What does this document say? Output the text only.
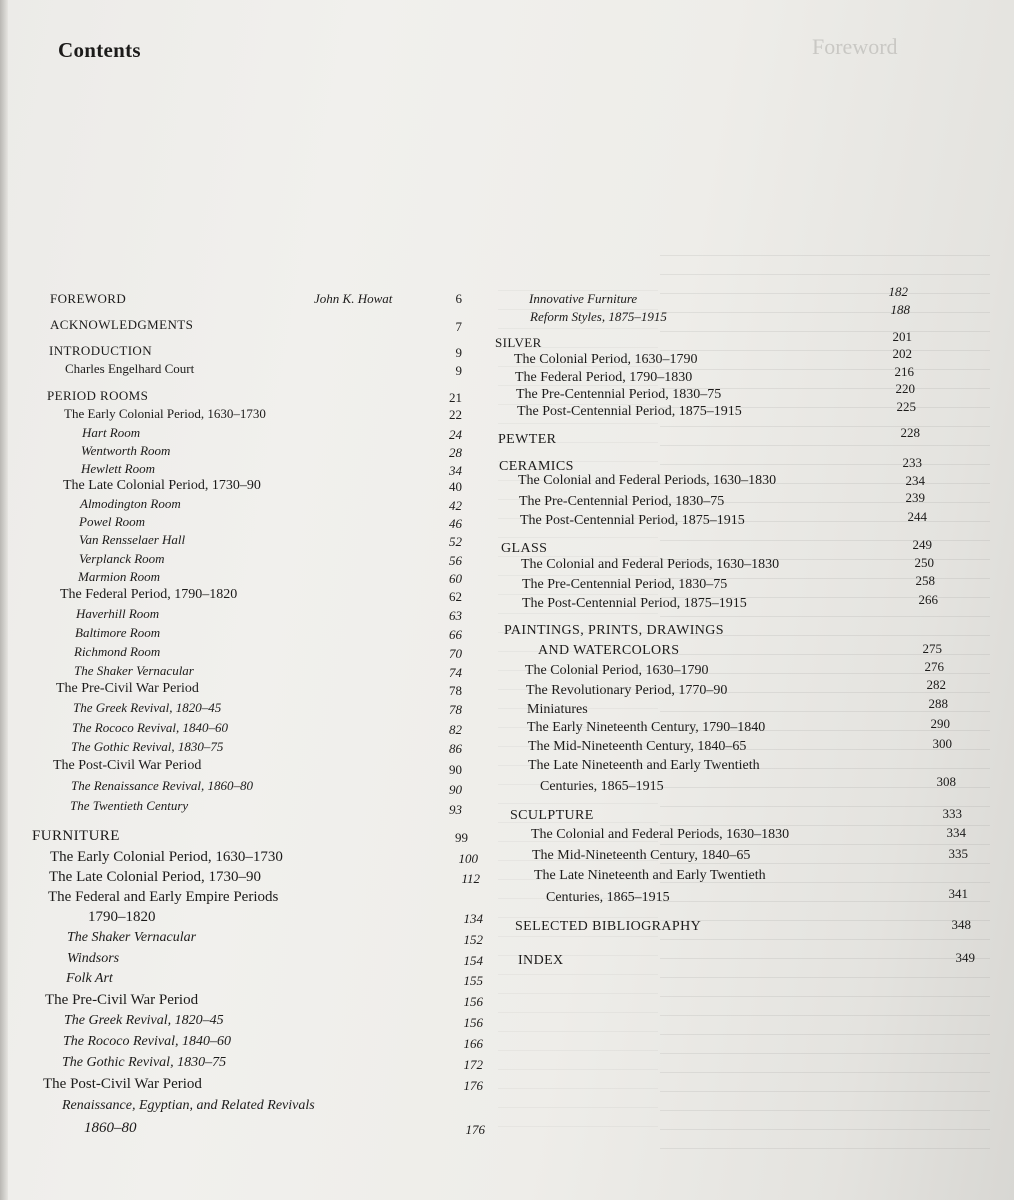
Foreword
Contents
FOREWORD	John K. Howat	6
ACKNOWLEDGMENTS	7
INTRODUCTION	9
Charles Engelhard Court	9
PERIOD ROOMS	21
The Early Colonial Period, 1630–1730	22
Hart Room	24
Wentworth Room	28
Hewlett Room	34
The Late Colonial Period, 1730–90	40
Almodington Room	42
Powel Room	46
Van Rensselaer Hall	52
Verplanck Room	56
Marmion Room	60
The Federal Period, 1790–1820	62
Haverhill Room	63
Baltimore Room	66
Richmond Room	70
The Shaker Vernacular	74
The Pre-Civil War Period	78
The Greek Revival, 1820–45	78
The Rococo Revival, 1840–60	82
The Gothic Revival, 1830–75	86
The Post-Civil War Period	90
The Renaissance Revival, 1860–80	90
The Twentieth Century	93
FURNITURE	99
The Early Colonial Period, 1630–1730	100
The Late Colonial Period, 1730–90	112
The Federal and Early Empire Periods
1790–1820	134
The Shaker Vernacular	152
Windsors	154
Folk Art	155
The Pre-Civil War Period	156
The Greek Revival, 1820–45	156
The Rococo Revival, 1840–60	166
The Gothic Revival, 1830–75	172
The Post-Civil War Period	176
Renaissance, Egyptian, and Related Revivals
1860–80	176
Innovative Furniture	182
Reform Styles, 1875–1915	188
SILVER	201
The Colonial Period, 1630–1790	202
The Federal Period, 1790–1830	216
The Pre-Centennial Period, 1830–75	220
The Post-Centennial Period, 1875–1915	225
PEWTER	228
CERAMICS	233
The Colonial and Federal Periods, 1630–1830	234
The Pre-Centennial Period, 1830–75	239
The Post-Centennial Period, 1875–1915	244
GLASS	249
The Colonial and Federal Periods, 1630–1830	250
The Pre-Centennial Period, 1830–75	258
The Post-Centennial Period, 1875–1915	266
PAINTINGS, PRINTS, DRAWINGS
AND WATERCOLORS	275
The Colonial Period, 1630–1790	276
The Revolutionary Period, 1770–90	282
Miniatures	288
The Early Nineteenth Century, 1790–1840	290
The Mid-Nineteenth Century, 1840–65	300
The Late Nineteenth and Early Twentieth
Centuries, 1865–1915	308
SCULPTURE	333
The Colonial and Federal Periods, 1630–1830	334
The Mid-Nineteenth Century, 1840–65	335
The Late Nineteenth and Early Twentieth
Centuries, 1865–1915	341
SELECTED BIBLIOGRAPHY	348
INDEX	349
